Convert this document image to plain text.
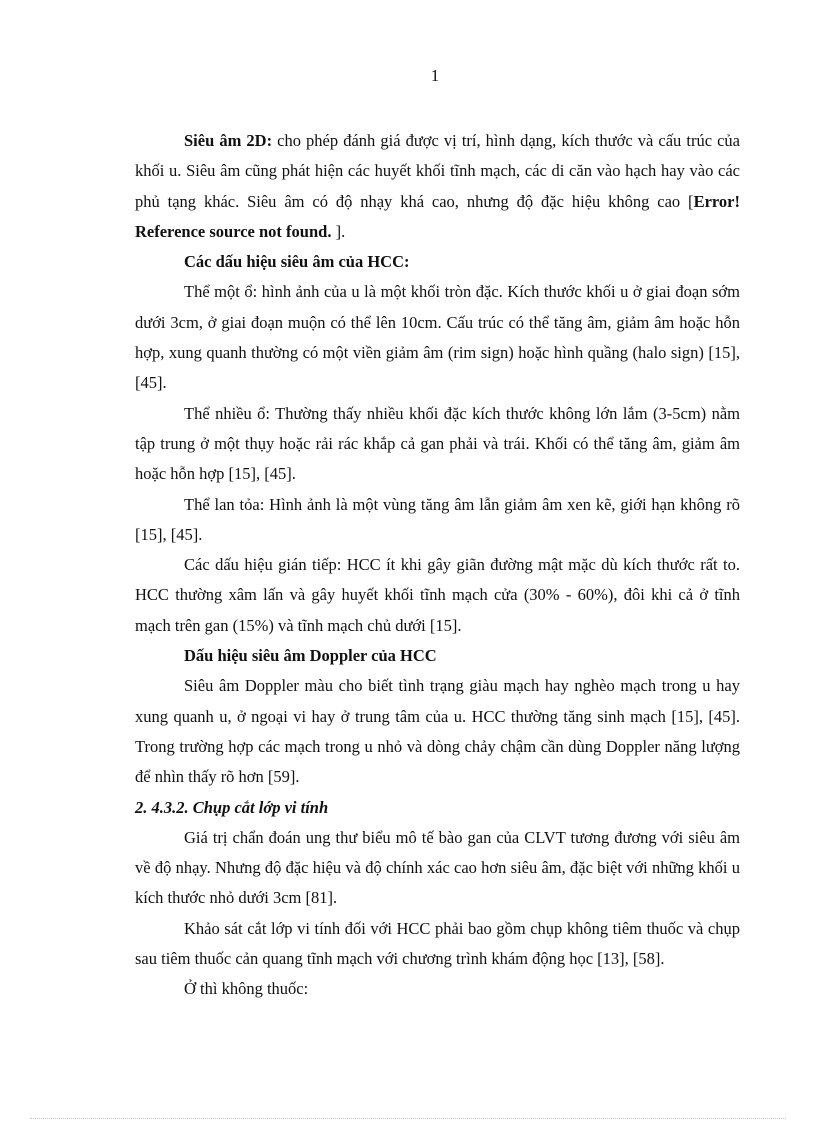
1

Siêu âm 2D: cho phép đánh giá được vị trí, hình dạng, kích thước và cấu trúc của khối u. Siêu âm cũng phát hiện các huyết khối tĩnh mạch, các di căn vào hạch hay vào các phủ tạng khác. Siêu âm có độ nhạy khá cao, nhưng độ đặc hiệu không cao [Error! Reference source not found. ].

Các dấu hiệu siêu âm của HCC:

Thể một ổ: hình ảnh của u là một khối tròn đặc. Kích thước khối u ở giai đoạn sớm dưới 3cm, ở giai đoạn muộn có thể lên 10cm. Cấu trúc có thể tăng âm, giảm âm hoặc hỗn hợp, xung quanh thường có một viền giảm âm (rim sign) hoặc hình quầng (halo sign) [15], [45].

Thể nhiều ổ: Thường thấy nhiều khối đặc kích thước không lớn lắm (3-5cm) nằm tập trung ở một thụy hoặc rải rác khắp cả gan phải và trái. Khối có thể tăng âm, giảm âm hoặc hỗn hợp [15], [45].

Thể lan tỏa: Hình ảnh là một vùng tăng âm lẫn giảm âm xen kẽ, giới hạn không rõ [15], [45].

Các dấu hiệu gián tiếp: HCC ít khi gây giãn đường mật mặc dù kích thước rất to. HCC thường xâm lấn và gây huyết khối tĩnh mạch cửa (30% - 60%), đôi khi cả ở tĩnh mạch trên gan (15%) và tĩnh mạch chủ dưới [15].

Dấu hiệu siêu âm Doppler của HCC

Siêu âm Doppler màu cho biết tình trạng giàu mạch hay nghèo mạch trong u hay xung quanh u, ở ngoại vi hay ở trung tâm của u. HCC thường tăng sinh mạch [15], [45]. Trong trường hợp các mạch trong u nhỏ và dòng chảy chậm cần dùng Doppler năng lượng để nhìn thấy rõ hơn [59].

2. 4.3.2. Chụp cắt lớp vi tính

Giá trị chẩn đoán ung thư biểu mô tế bào gan của CLVT tương đương với siêu âm về độ nhạy. Nhưng độ đặc hiệu và độ chính xác cao hơn siêu âm, đặc biệt với những khối u kích thước nhỏ dưới 3cm [81].

Khảo sát cắt lớp vi tính đối với HCC phải bao gồm chụp không tiêm thuốc và chụp sau tiêm thuốc cản quang tĩnh mạch với chương trình khám động học [13], [58].

Ở thì không thuốc:
